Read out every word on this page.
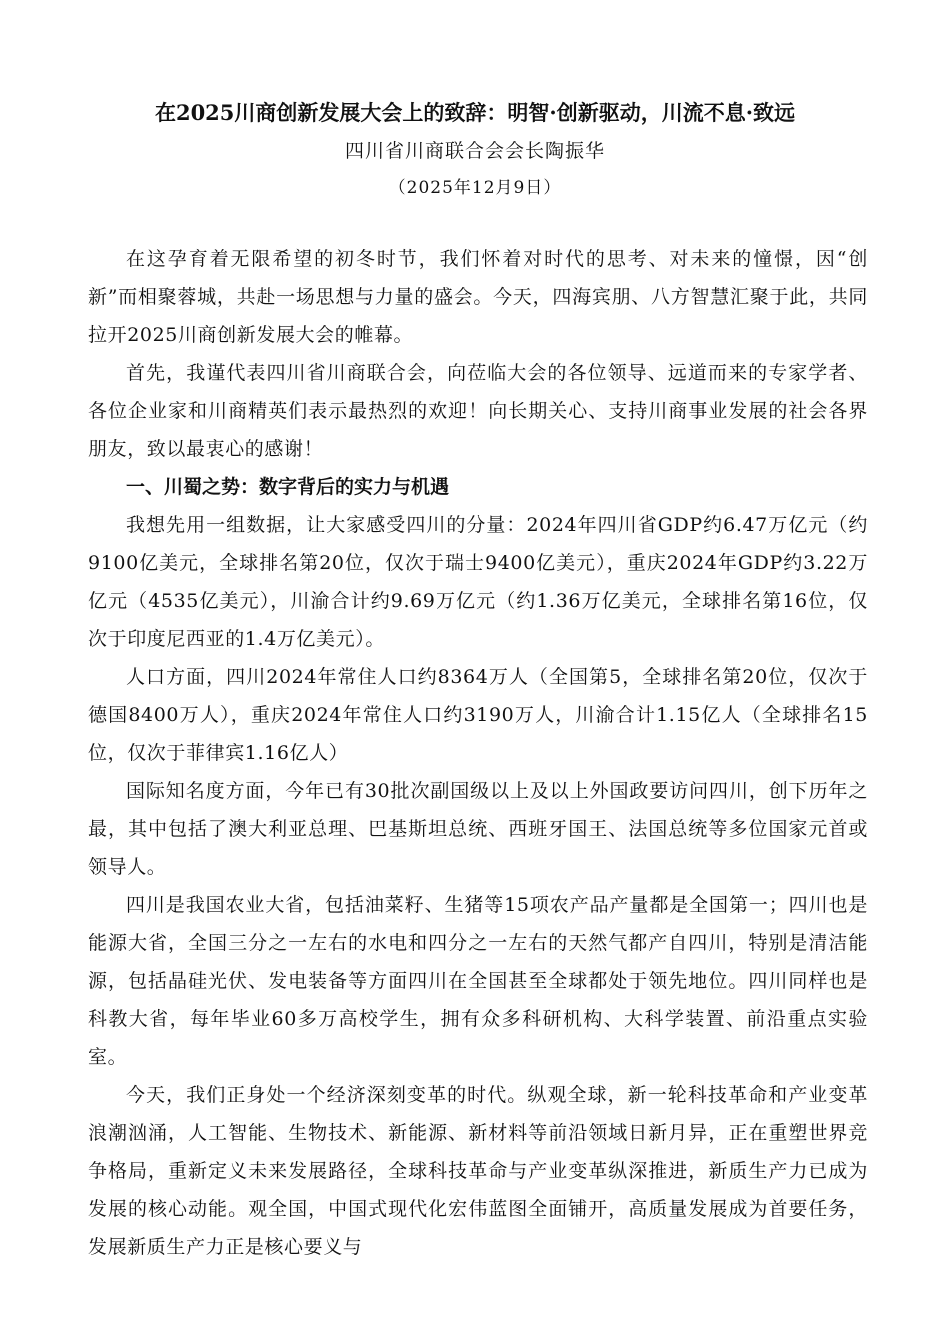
在2025川商创新发展大会上的致辞：明智·创新驱动，川流不息·致远
四川省川商联合会会长陶振华
（2025年12月9日）

在这孕育着无限希望的初冬时节，我们怀着对时代的思考、对未来的憧憬，因“创新”而相聚蓉城，共赴一场思想与力量的盛会。今天，四海宾朋、八方智慧汇聚于此，共同拉开2025川商创新发展大会的帷幕。

首先，我谨代表四川省川商联合会，向莅临大会的各位领导、远道而来的专家学者、各位企业家和川商精英们表示最热烈的欢迎！向长期关心、支持川商事业发展的社会各界朋友，致以最衷心的感谢！

一、川蜀之势：数字背后的实力与机遇

我想先用一组数据，让大家感受四川的分量：2024年四川省GDP约6.47万亿元（约9100亿美元，全球排名第20位，仅次于瑞士9400亿美元），重庆2024年GDP约3.22万亿元（4535亿美元），川渝合计约9.69万亿元（约1.36万亿美元，全球排名第16位，仅次于印度尼西亚的1.4万亿美元）。

人口方面，四川2024年常住人口约8364万人（全国第5，全球排名第20位，仅次于德国8400万人），重庆2024年常住人口约3190万人，川渝合计1.15亿人（全球排名15位，仅次于菲律宾1.16亿人）

国际知名度方面，今年已有30批次副国级以上及以上外国政要访问四川，创下历年之最，其中包括了澳大利亚总理、巴基斯坦总统、西班牙国王、法国总统等多位国家元首或领导人。

四川是我国农业大省，包括油菜籽、生猪等15项农产品产量都是全国第一；四川也是能源大省，全国三分之一左右的水电和四分之一左右的天然气都产自四川，特别是清洁能源，包括晶硅光伏、发电装备等方面四川在全国甚至全球都处于领先地位。四川同样也是科教大省，每年毕业60多万高校学生，拥有众多科研机构、大科学装置、前沿重点实验室。

今天，我们正身处一个经济深刻变革的时代。纵观全球，新一轮科技革命和产业变革浪潮汹涌，人工智能、生物技术、新能源、新材料等前沿领域日新月异，正在重塑世界竞争格局，重新定义未来发展路径，全球科技革命与产业变革纵深推进，新质生产力已成为发展的核心动能。观全国，中国式现代化宏伟蓝图全面铺开，高质量发展成为首要任务，发展新质生产力正是核心要义与
